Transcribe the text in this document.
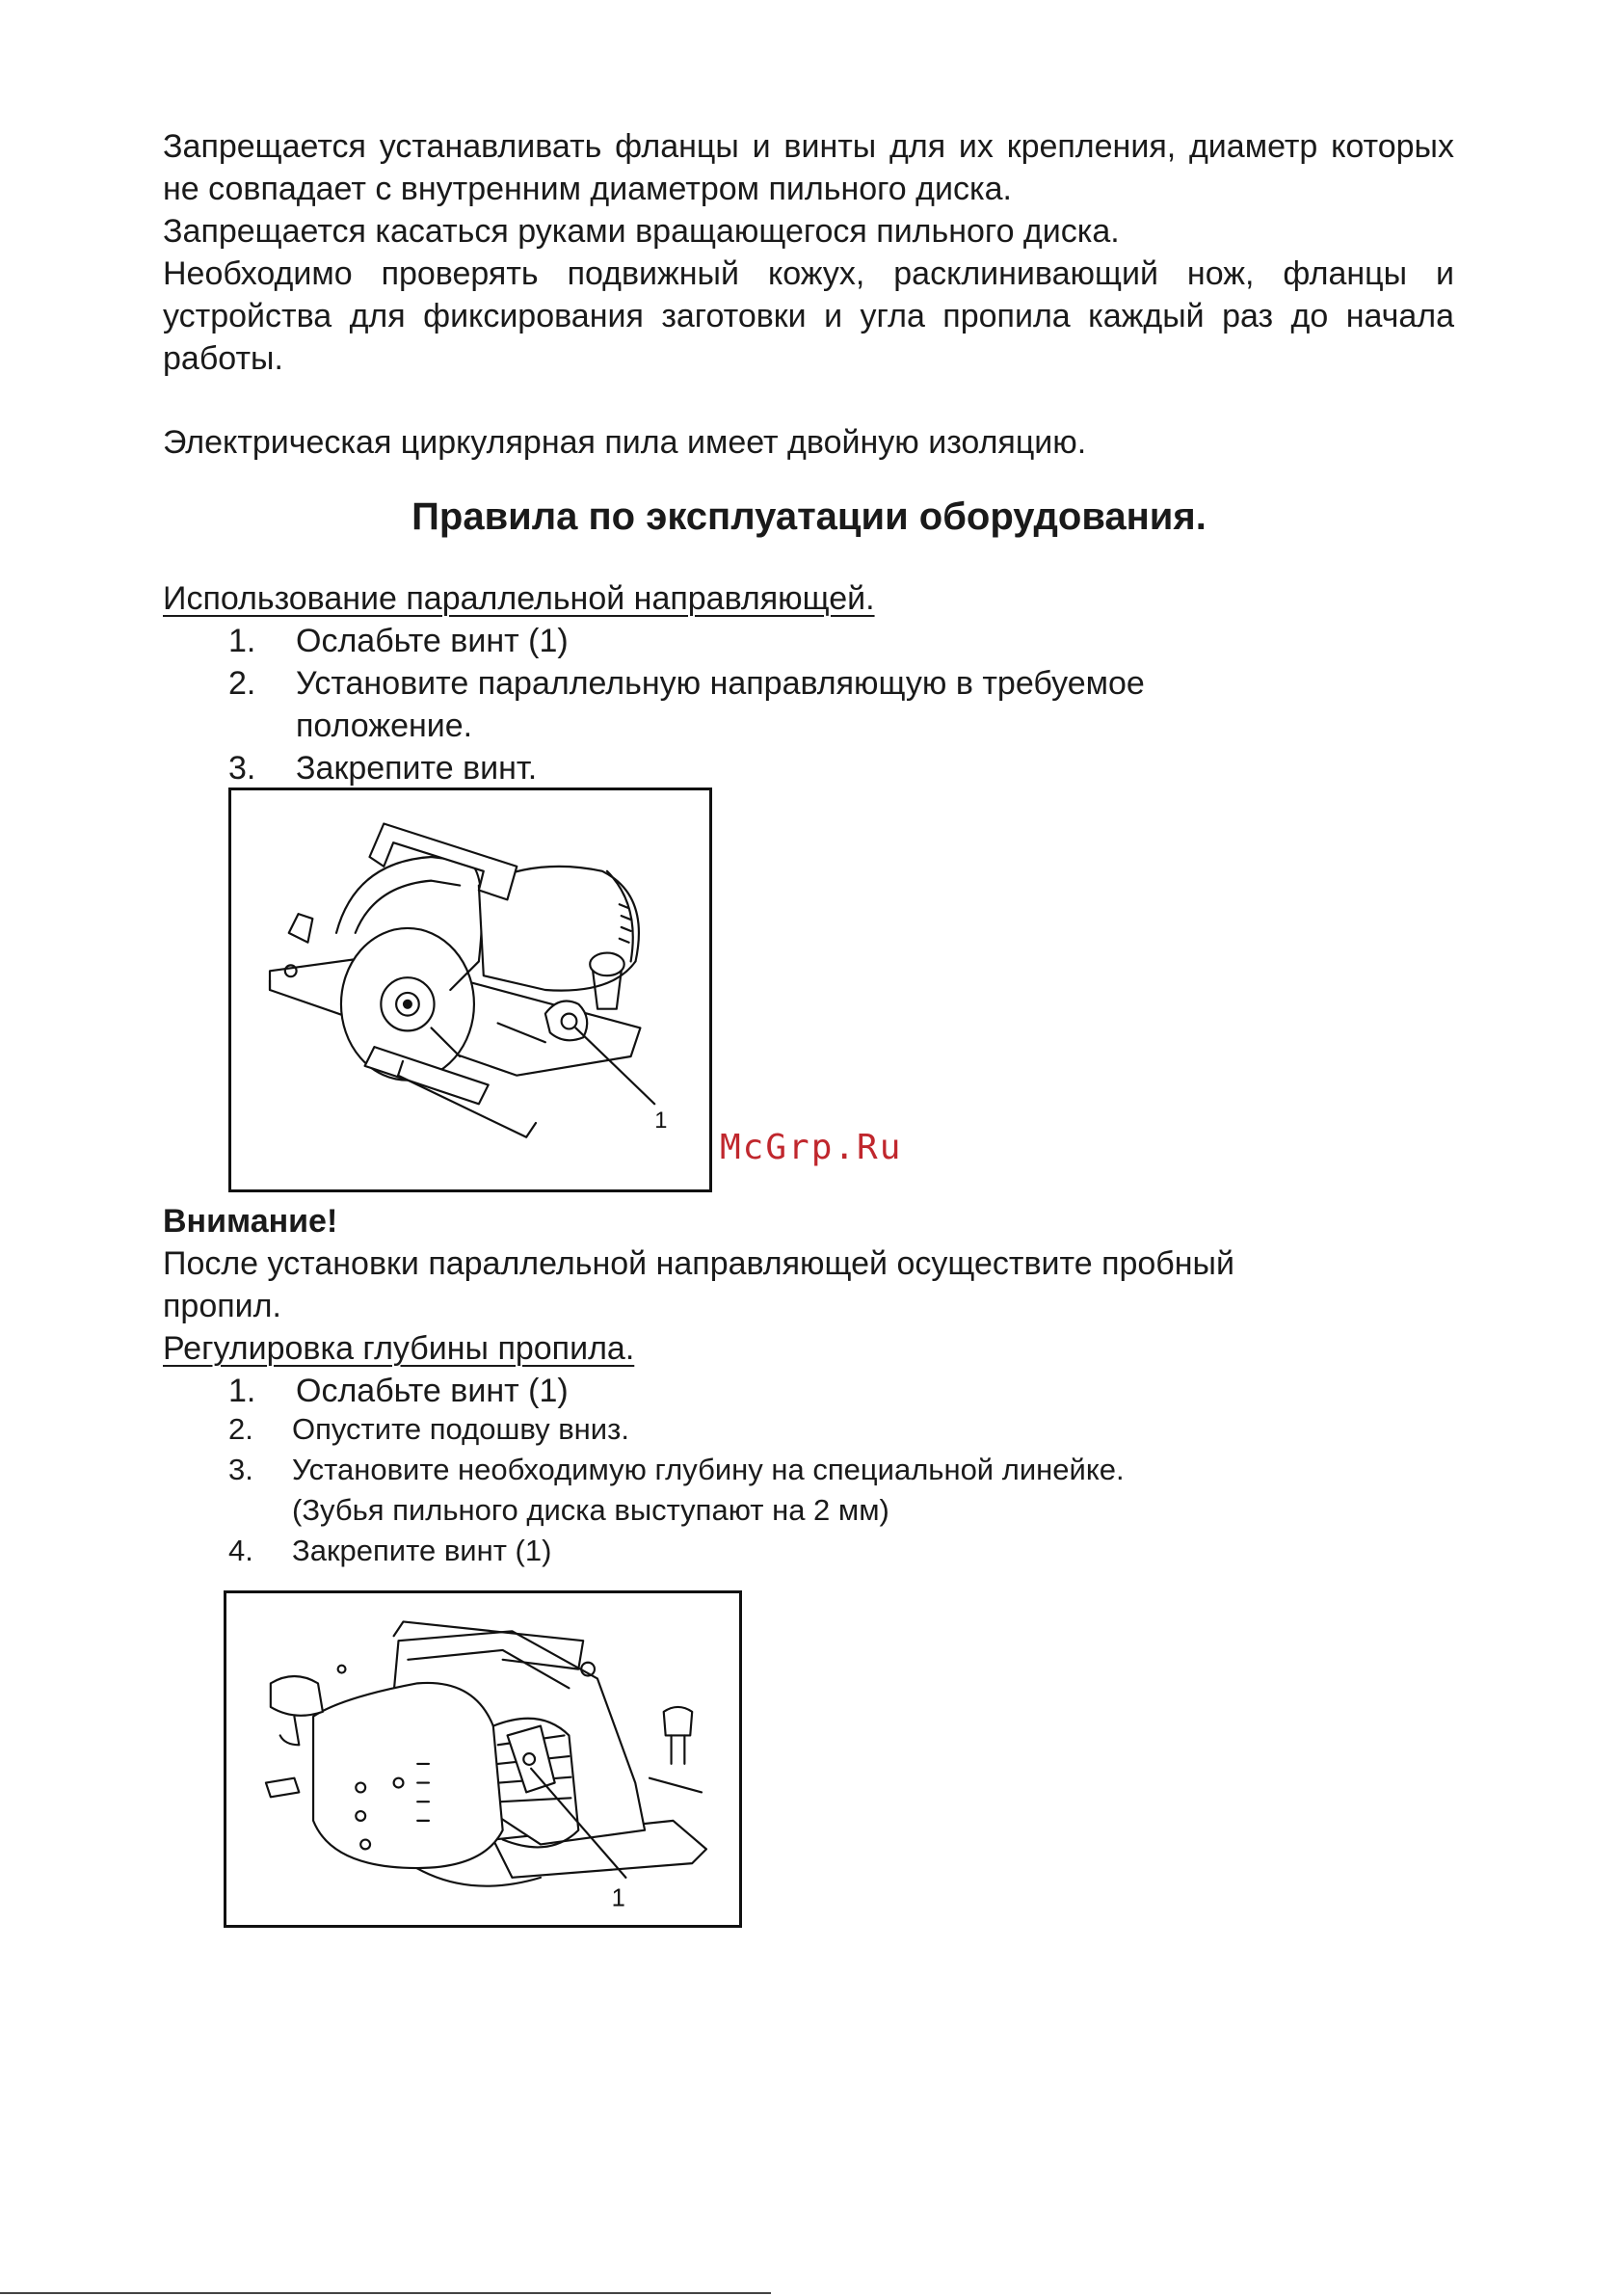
Запрещается устанавливать фланцы и винты для их крепления, диаметр которых не совпадает с внутренним диаметром пильного диска.

Запрещается касаться руками вращающегося пильного диска.

Необходимо проверять подвижный кожух, расклинивающий нож, фланцы и устройства для фиксирования заготовки и угла пропила каждый раз до начала работы.

Электрическая циркулярная пила имеет двойную изоляцию.

Правила по эксплуатации оборудования.
Использование параллельной направляющей.
1. Ослабьте винт (1)
2. Установите параллельную направляющую в требуемое
положение.
3. Закрепите винт.
1
McGrp.Ru
Внимание!

После установки параллельной направляющей осуществите пробный пропил.

Регулировка глубины пропила.
1. Ослабьте винт (1)
2. Опустите подошву вниз.
3. Установите необходимую глубину на специальной линейке.
(Зубья пильного диска выступают на 2 мм)
4. Закрепите винт (1)
1
